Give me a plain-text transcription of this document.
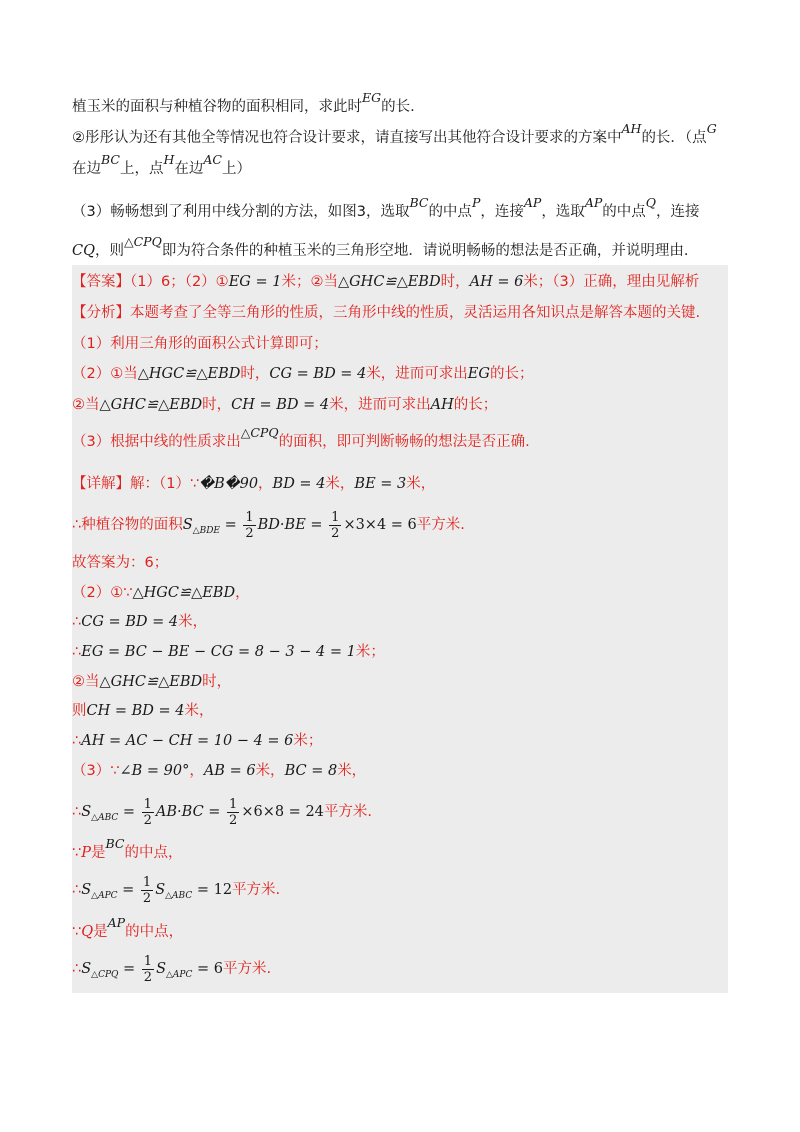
植玉米的面积与种植谷物的面积相同，求此时EG的长.
②彤彤认为还有其他全等情况也符合设计要求，请直接写出其他符合设计要求的方案中AH的长．（点G
在边BC上，点H在边AC上）
（3）畅畅想到了利用中线分割的方法，如图3，选取BC的中点P，连接AP，选取AP的中点Q，连接
CQ，则△CPQ即为符合条件的种植玉米的三角形空地．请说明畅畅的想法是否正确，并说明理由.
【答案】（1）6；（2）①EG = 1米；②当△GHC≌△EBD时，AH = 6米；（3）正确，理由见解析
【分析】本题考查了全等三角形的性质，三角形中线的性质，灵活运用各知识点是解答本题的关键.
（1）利用三角形的面积公式计算即可；
（2）①当△HGC≌△EBD时，CG = BD = 4米，进而可求出EG的长；
②当△GHC≌△EBD时，CH = BD = 4米，进而可求出AH的长；
（3）根据中线的性质求出△CPQ的面积，即可判断畅畅的想法是否正确.
【详解】解：（1）∵�B�90，BD = 4米，BE = 3米，
∴种植谷物的面积$S_{\triangle BDE} = \frac{1}{2} BD\cdot BE = \frac{1}{2} \times 3\times 4 = 6$平方米.
故答案为：6；
（2）①∵△HGC≌△EBD，
∴CG = BD = 4米，
∴EG = BC − BE − CG = 8 − 3 − 4 = 1米；
②当△GHC≌△EBD时，
则CH = BD = 4米，
∴AH = AC − CH = 10 − 4 = 6米；
（3）∵∠B = 90°，AB = 6米，BC = 8米，
$\therefore S_{\triangle ABC} = \frac{1}{2} AB\cdot BC = \frac{1}{2} \times 6\times 8 = 24$平方米.
∵P是BC的中点，
$\therefore S_{\triangle APC} = \frac{1}{2} S_{\triangle ABC} = 12$平方米.
∵Q是AP的中点，
$\therefore S_{\triangle CPQ} = \frac{1}{2} S_{\triangle APC} = 6$平方米.
